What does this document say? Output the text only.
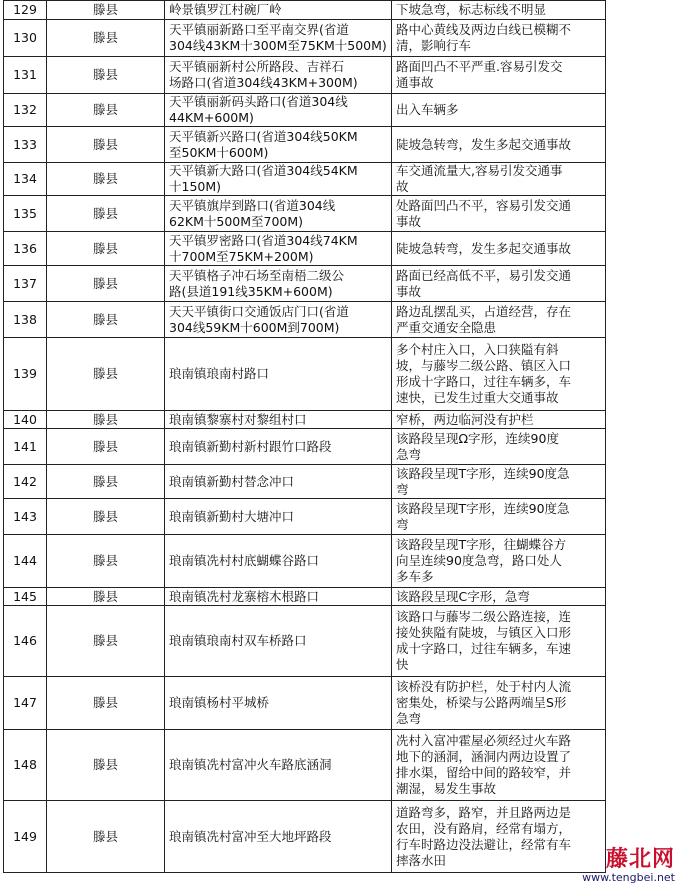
129	滕县	岭景镇罗江村碗厂岭	下坡急弯，标志标线不明显
130	滕县	天平镇丽新路口至平南交界(省道
304线43KM十300M至75KM十500M)	路中心黄线及两边白线已模糊不
清，影响行车
131	滕县	天平镇丽新村公所路段、吉祥石
场路口(省道304线43KM+300M)	路面凹凸不平严重.容易引发交
通事故
132	滕县	天平镇丽新码头路口(省道304线
44KM+600M)	出入车辆多
133	滕县	天平镇新兴路口(省道304线50KM
至50KM十600M)	陡坡急转弯，发生多起交通事故
134	滕县	天平镇新大路口(省道304线54KM
十150M)	车交通流量大,容易引发交通事
故
135	滕县	天平镇旗岸到路口(省道304线
62KM十500M至700M)	处路面凹凸不平，容易引发交通
事故
136	滕县	天平镇罗密路口(省道304线74KM
十700M至75KM+200M)	陡坡急转弯，发生多起交通事故
137	滕县	天平镇格子冲石场至南梧二级公
路(县道191线35KM+600M)	路面已经高低不平，易引发交通
事故
138	滕县	天天平镇街口交通饭店门口(省道
304线59KM十600M到700M)	路边乱摆乱买，占道经营，存在
严重交通安全隐患
139	滕县	琅南镇琅南村路口	多个村庄入口，入口狭隘有斜
坡，与藤岑二级公路、镇区入口
形成十字路口，过往车辆多，车
速快，已发生过重大交通事故
140	滕县	琅南镇黎寨村对黎组村口	窄桥，两边临河没有护栏
141	滕县	琅南镇新勤村新村跟竹口路段	该路段呈现Ω字形，连续90度
急弯
142	滕县	琅南镇新勤村替念冲口	该路段呈现T字形，连续90度急
弯
143	滕县	琅南镇新勤村大塘冲口	该路段呈现T字形，连续90度急
弯
144	滕县	琅南镇冼村村底蝴蝶谷路口	该路段呈现T字形，往蝴蝶谷方
向呈连续90度急弯，路口处人
多车多
145	滕县	琅南镇冼村龙寨榕木根路口	该路段呈现C字形，急弯
146	滕县	琅南镇琅南村双车桥路口	该路口与藤岑二级公路连接，连
接处狭隘有陡坡，与镇区入口形
成十字路口，过往车辆多，车速
快
147	滕县	琅南镇杨村平城桥	该桥没有防护栏，处于村内人流
密集处，桥梁与公路两端呈S形
急弯
148	滕县	琅南镇冼村富冲火车路底涵洞	冼村入富冲霍屋必须经过火车路
地下的涵洞，涵洞内两边设置了
排水渠，留给中间的路较窄，并
潮湿，易发生事故
149	滕县	琅南镇冼村富冲至大地坪路段	道路弯多，路窄，并且路两边是
农田，没有路肩，经常有塌方，
行车时路边没法避让，经常有车
摔落水田	藤北网
www.tengbei.net
